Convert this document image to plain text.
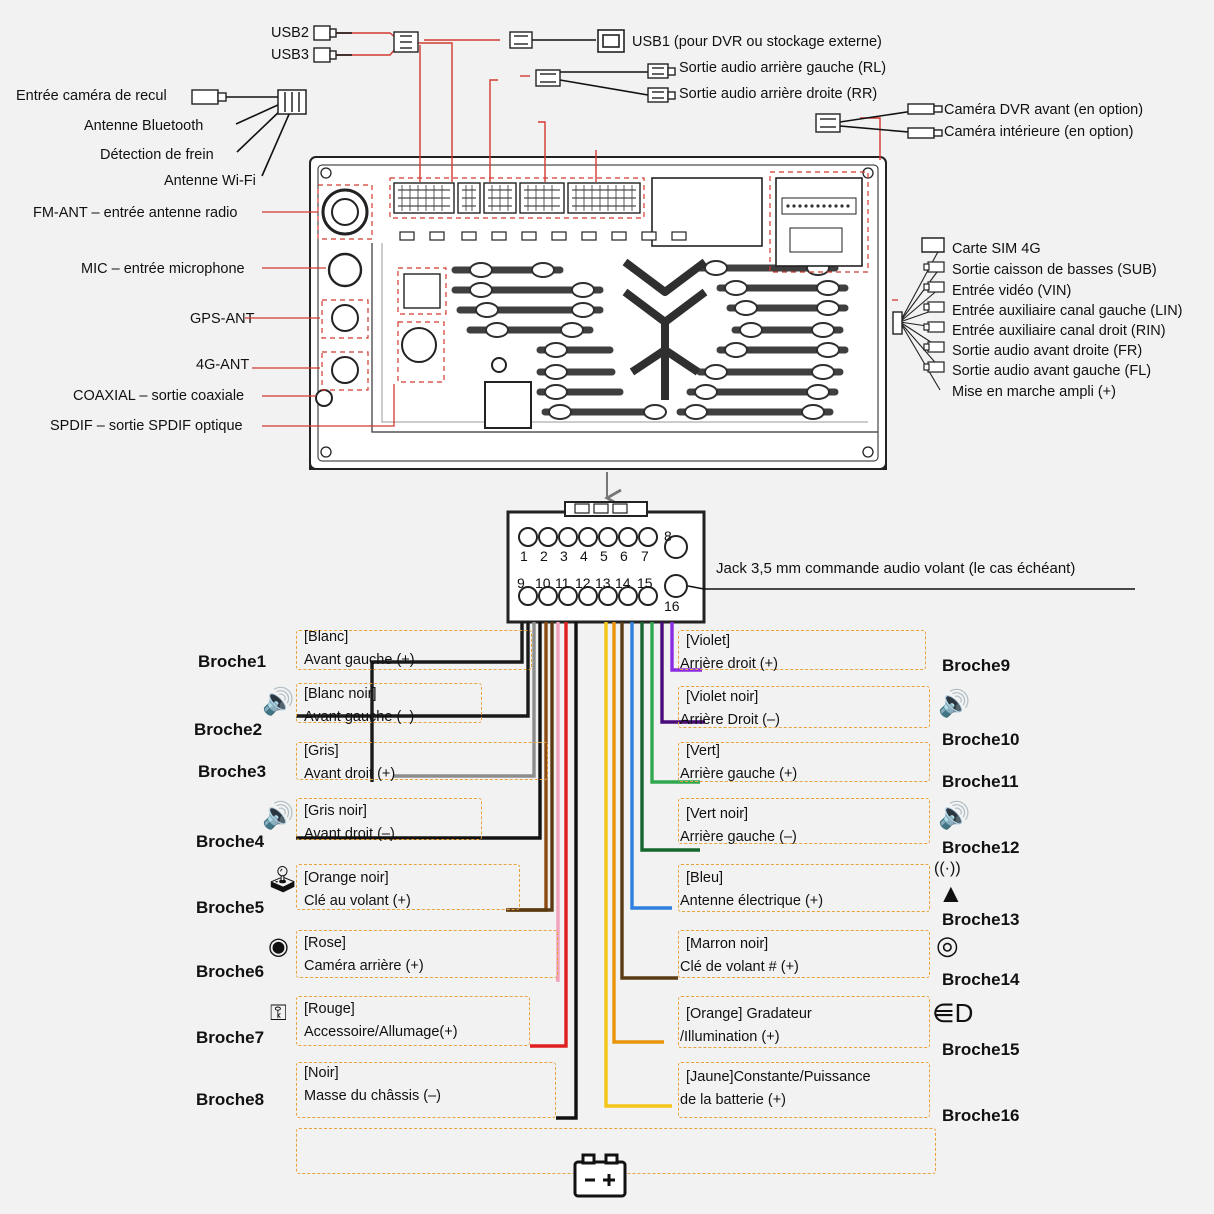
USB2
USB3
USB1 (pour DVR ou stockage externe)
Sortie audio arrière gauche (RL)
Sortie audio arrière droite (RR)
Caméra DVR avant (en option)
Caméra intérieure (en option)
Entrée caméra de recul
Antenne Bluetooth
Détection de frein
Antenne Wi-Fi
FM-ANT – entrée antenne radio
MIC – entrée microphone
GPS-ANT
4G-ANT
COAXIAL – sortie coaxiale
SPDIF – sortie SPDIF optique
Carte SIM 4G
Sortie caisson de basses (SUB)
Entrée vidéo (VIN)
Entrée auxiliaire canal gauche (LIN)
Entrée auxiliaire canal droit (RIN)
Sortie audio avant droite (FR)
Sortie audio avant gauche (FL)
Mise en marche ampli (+)
1 2 3 4 5 6 7
8
9 10 11 12 13 14 15
16
Jack 3,5 mm commande audio volant (le cas échéant)
Broche1
[Blanc]
Avant gauche (+)
Broche2
🔊 [Blanc noir]
Avant gauche (–)
Broche3
[Gris]
Avant droit (+)
Broche4
🔊 [Gris noir]
Avant droit (–)
Broche5
🕹 [Orange noir]
Clé au volant (+)
Broche6
◉ [Rose]
Caméra arrière (+)
Broche7
⚿ [Rouge]
Accessoire/Allumage(+)
Broche8
[Noir]
Masse du châssis (–)
Broche9
[Violet]
Arrière droit (+)
Broche10
🔊
[Violet noir]
Arrière Droit (–)
Broche11
[Vert]
Arrière gauche (+)
Broche12
🔊
[Vert noir]
Arrière gauche (–)
Broche13
((·))
▲
[Bleu]
Antenne électrique (+)
Broche14
◎
[Marron noir]
Clé de volant # (+)
Broche15
⋹D
[Orange] Gradateur
/Illumination (+)
Broche16
[Jaune]Constante/Puissance
de la batterie (+)
